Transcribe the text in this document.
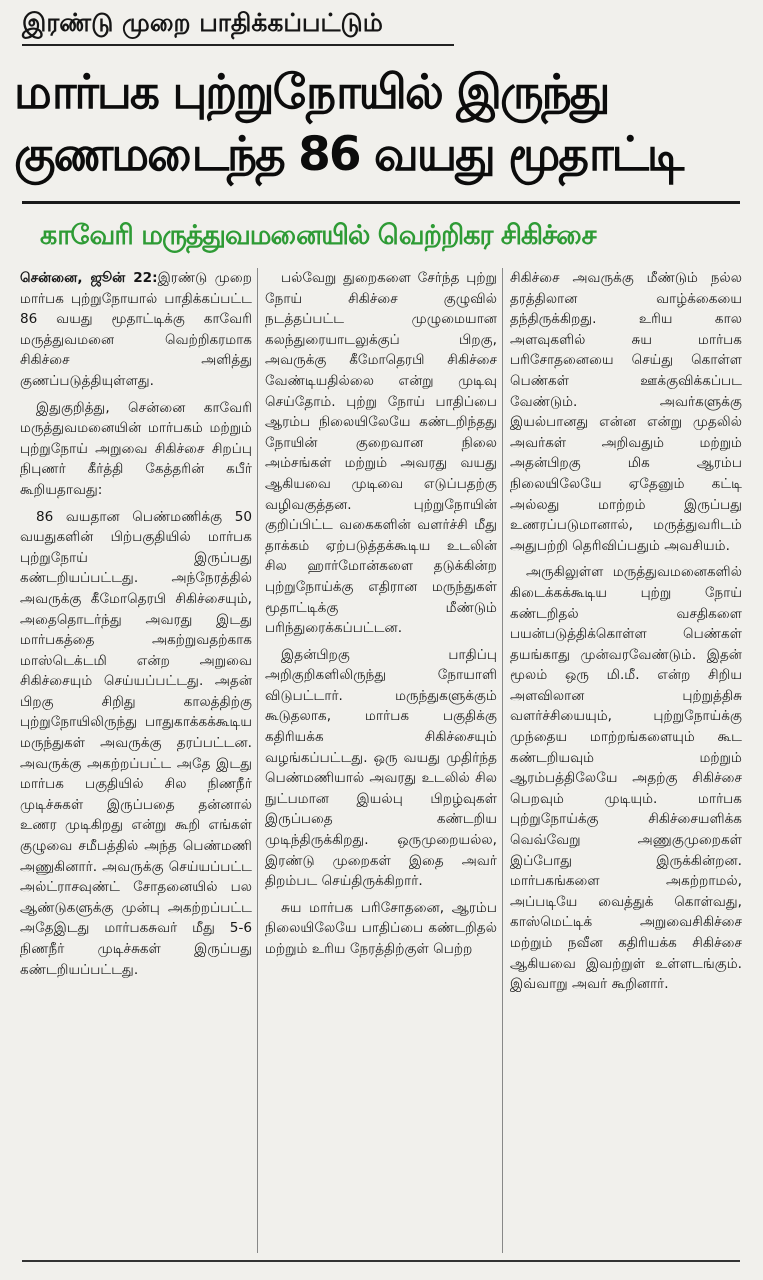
இரண்டு முறை பாதிக்கப்பட்டும்
மார்பக புற்றுநோயில் இருந்து
குணமடைந்த 86 வயது மூதாட்டி
காவேரி மருத்துவமனையில் வெற்றிகர சிகிச்சை

சென்னை, ஜூன் 22:இரண்டு முறை மார்பக புற்றுநோயால் பாதிக்கப்பட்ட 86 வயது மூதாட்டிக்கு காவேரி மருத்துவமனை வெற்றிகரமாக சிகிச்சை அளித்து குணப்படுத்தியுள்ளது.

இதுகுறித்து, சென்னை காவேரி மருத்துவமனையின் மார்பகம் மற்றும் புற்றுநோய் அறுவை சிகிச்சை சிறப்பு நிபுணர் கீர்த்தி கேத்தரின் கபீர் கூறியதாவது:

86 வயதான பெண்மணிக்கு 50 வயதுகளின் பிற்பகுதியில் மார்பக புற்றுநோய் இருப்பது கண்டறியப்பட்டது. அந்நேரத்தில் அவருக்கு கீமோதெரபி சிகிச்சையும், அதைதொடர்ந்து அவரது இடது மார்பகத்தை அகற்றுவதற்காக மாஸ்டெக்டமி என்ற அறுவை சிகிச்சையும் செய்யப்பட்டது. அதன் பிறகு சிறிது காலத்திற்கு புற்றுநோயிலிருந்து பாதுகாக்கக்கூடிய மருந்துகள் அவருக்கு தரப்பட்டன. அவருக்கு அகற்றப்பட்ட அதே இடது மார்பக பகுதியில் சில நிணநீர் முடிச்சுகள் இருப்பதை தன்னால் உணர முடிகிறது என்று கூறி எங்கள் குழுவை சமீபத்தில் அந்த பெண்மணி அணுகினார். அவருக்கு செய்யப்பட்ட அல்ட்ராசவுண்ட் சோதனையில் பல ஆண்டுகளுக்கு முன்பு அகற்றப்பட்ட அதேஇடது மார்பகசுவர் மீது 5-6 நிணநீர் முடிச்சுகள் இருப்பது கண்டறியப்பட்டது.

பல்வேறு துறைகளை சேர்ந்த புற்று நோய் சிகிச்சை குழுவில் நடத்தப்பட்ட முழுமையான கலந்துரையாடலுக்குப் பிறகு, அவருக்கு கீமோதெரபி சிகிச்சை வேண்டியதில்லை என்று முடிவு செய்தோம். புற்று நோய் பாதிப்பை ஆரம்ப நிலையிலேயே கண்டறிந்தது நோயின் குறைவான நிலை அம்சங்கள் மற்றும் அவரது வயது ஆகியவை முடிவை எடுப்பதற்கு வழிவகுத்தன. புற்றுநோயின் குறிப்பிட்ட வகைகளின் வளர்ச்சி மீது தாக்கம் ஏற்படுத்தக்கூடிய உடலின் சில ஹார்மோன்களை தடுக்கின்ற புற்றுநோய்க்கு எதிரான மருந்துகள் மூதாட்டிக்கு மீண்டும் பரிந்துரைக்கப்பட்டன.

இதன்பிறகு பாதிப்பு அறிகுறிகளிலிருந்து நோயாளி விடுபட்டார். மருந்துகளுக்கும் கூடுதலாக, மார்பக பகுதிக்கு கதிரியக்க சிகிச்சையும் வழங்கப்பட்டது. ஒரு வயது முதிர்ந்த பெண்மணியால் அவரது உடலில் சில நுட்பமான இயல்பு பிறழ்வுகள் இருப்பதை கண்டறிய முடிந்திருக்கிறது. ஒருமுறையல்ல, இரண்டு முறைகள் இதை அவர் திறம்பட செய்திருக்கிறார்.

சுய மார்பக பரிசோதனை, ஆரம்ப நிலையிலேயே பாதிப்பை கண்டறிதல் மற்றும் உரிய நேரத்திற்குள் பெற்ற

சிகிச்சை அவருக்கு மீண்டும் நல்ல தரத்திலான வாழ்க்கையை தந்திருக்கிறது. உரிய கால அளவுகளில் சுய மார்பக பரிசோதனையை செய்து கொள்ள பெண்கள் ஊக்குவிக்கப்பட வேண்டும். அவர்களுக்கு இயல்பானது என்ன என்று முதலில் அவர்கள் அறிவதும் மற்றும் அதன்பிறகு மிக ஆரம்ப நிலையிலேயே ஏதேனும் கட்டி அல்லது மாற்றம் இருப்பது உணரப்படுமானால், மருத்துவரிடம் அதுபற்றி தெரிவிப்பதும் அவசியம்.

அருகிலுள்ள மருத்துவமனைகளில் கிடைக்கக்கூடிய புற்று நோய் கண்டறிதல் வசதிகளை பயன்படுத்திக்கொள்ள பெண்கள் தயங்காது முன்வரவேண்டும். இதன் மூலம் ஒரு மி.மீ. என்ற சிறிய அளவிலான புற்றுத்திசு வளர்ச்சியையும், புற்றுநோய்க்கு முந்தைய மாற்றங்களையும் கூட கண்டறியவும் மற்றும் ஆரம்பத்திலேயே அதற்கு சிகிச்சை பெறவும் முடியும். மார்பக புற்றுநோய்க்கு சிகிச்சையளிக்க வெவ்வேறு அணுகுமுறைகள் இப்போது இருக்கின்றன. மார்பகங்களை அகற்றாமல், அப்படியே வைத்துக் கொள்வது, காஸ்மெட்டிக் அறுவைசிகிச்சை மற்றும் நவீன கதிரியக்க சிகிச்சை ஆகியவை இவற்றுள் உள்ளடங்கும். இவ்வாறு அவர் கூறினார்.
